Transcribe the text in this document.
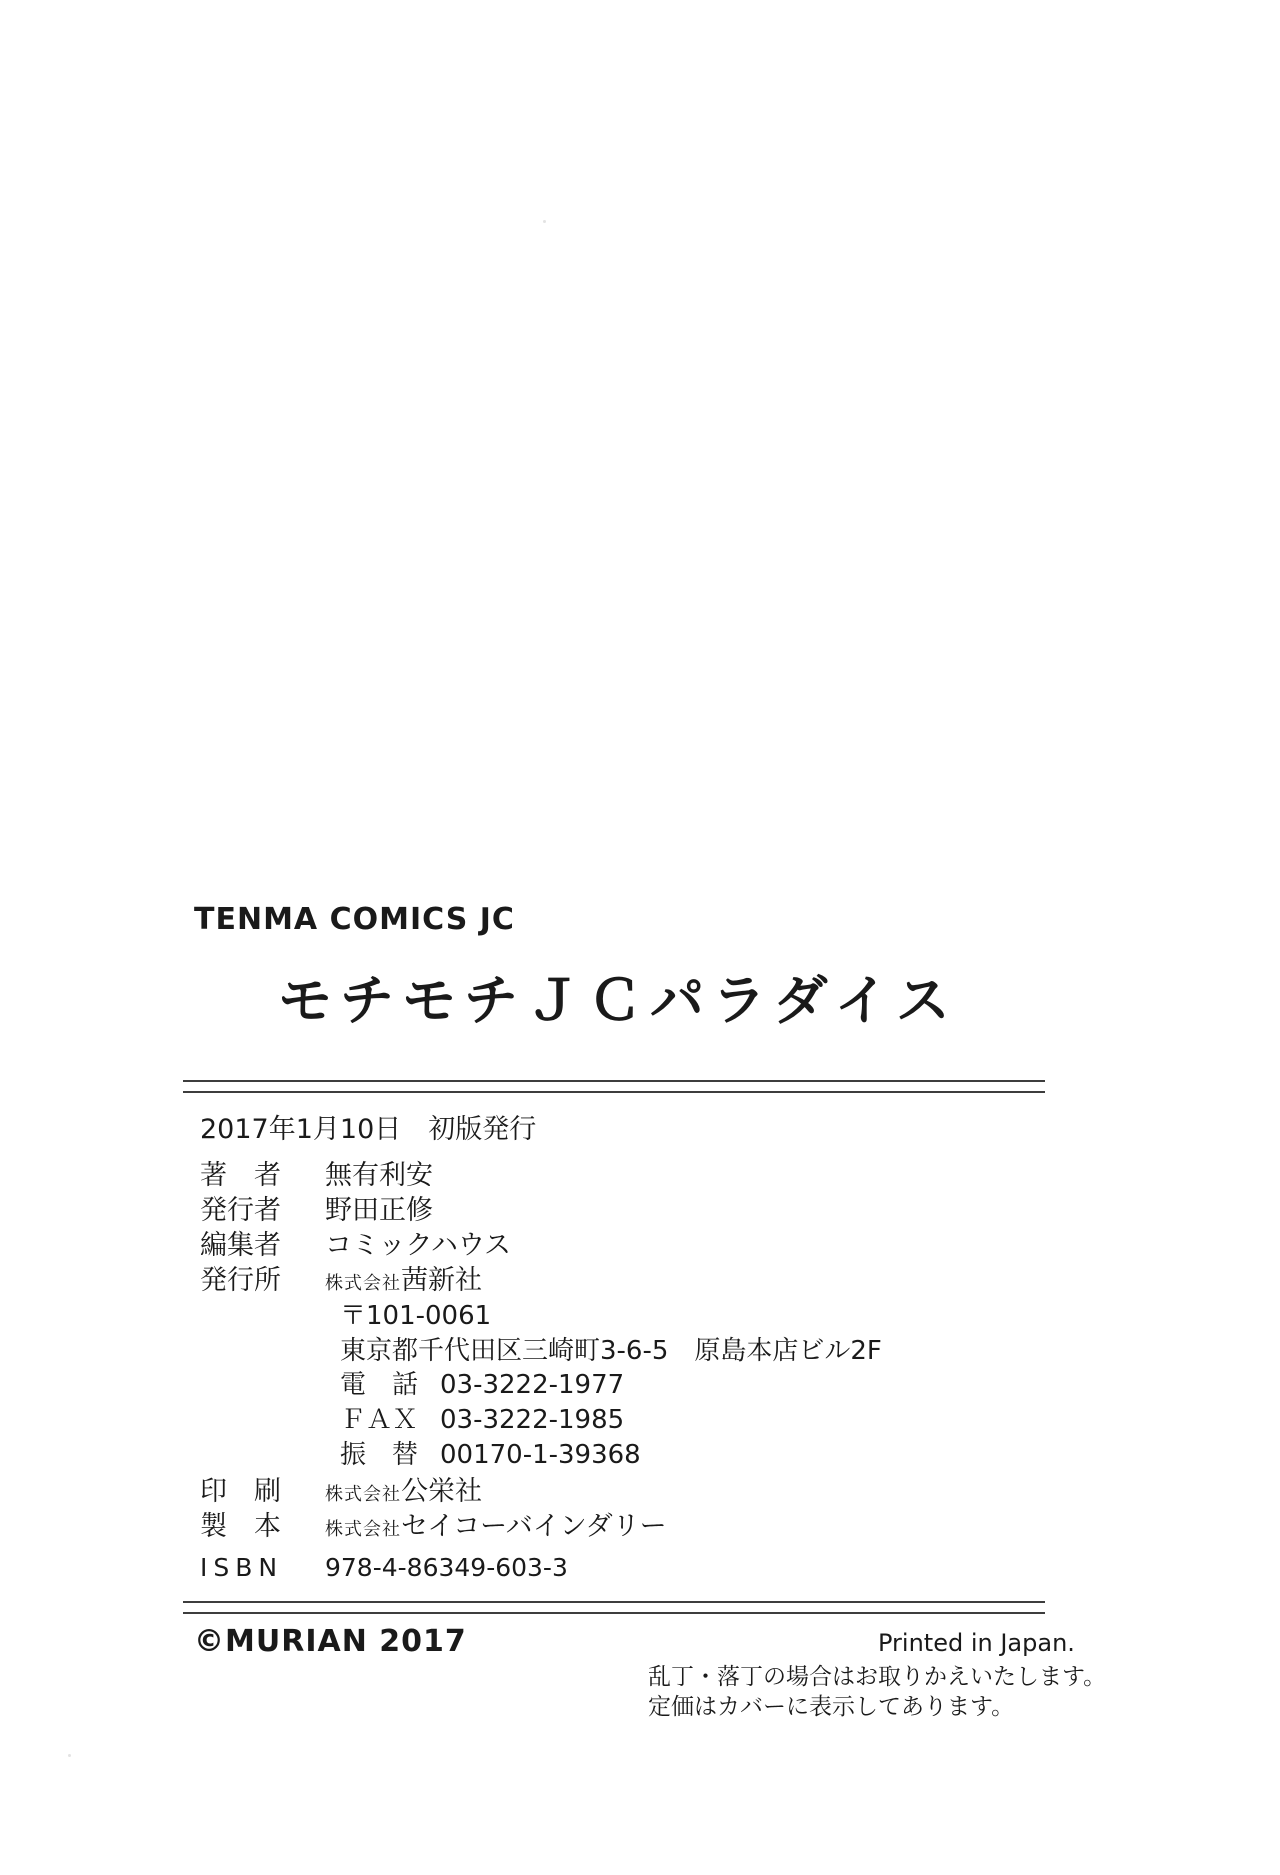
TENMA COMICS JC
モチモチＪＣパラダイス
2017年1月10日　初版発行
著　者 無有利安
発行者 野田正修
編集者 コミックハウス
発行所 株式会社茜新社
〒101-0061
東京都千代田区三崎町3-6-5　原島本店ビル2F
電　話 03-3222-1977
ＦＡＸ 03-3222-1985
振　替 00170-1-39368
印　刷 株式会社公栄社
製　本 株式会社セイコーバインダリー
ISBN 978-4-86349-603-3
©MURIAN 2017	Printed in Japan.
乱丁・落丁の場合はお取りかえいたします。
定価はカバーに表示してあります。
